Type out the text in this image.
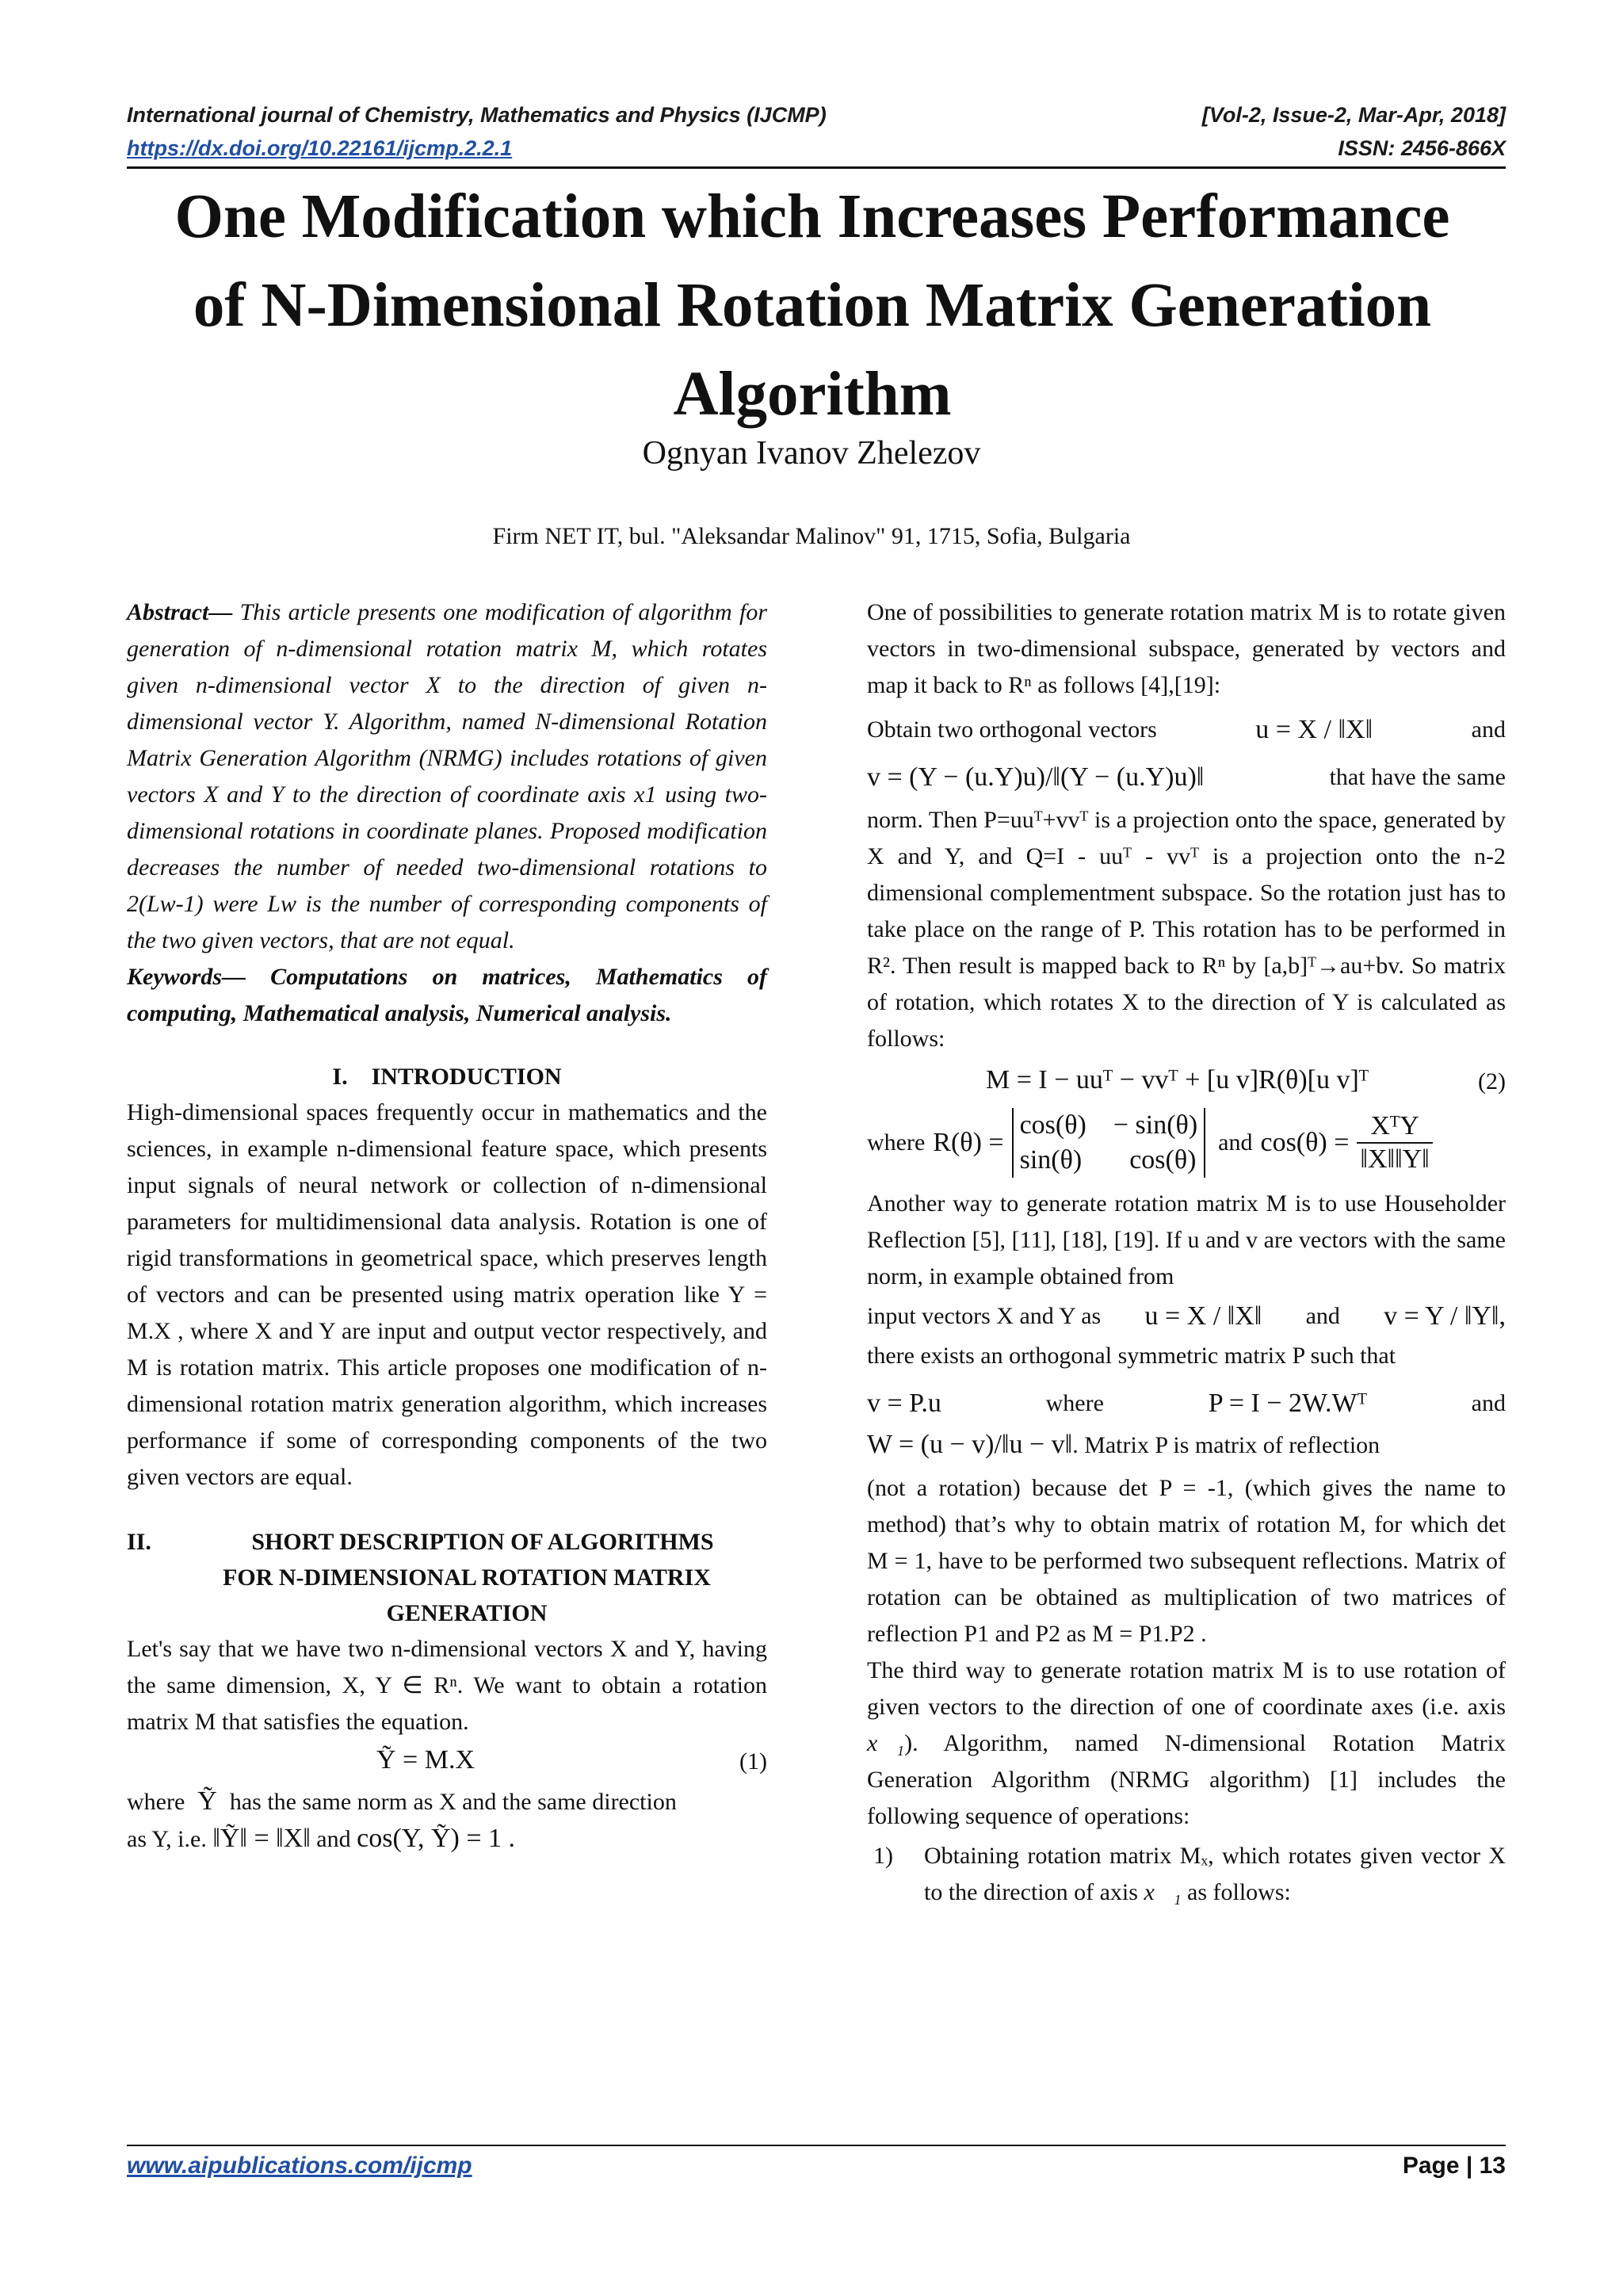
International journal of Chemistry, Mathematics and Physics (IJCMP)	[Vol-2, Issue-2, Mar-Apr, 2018]
https://dx.doi.org/10.22161/ijcmp.2.2.1	ISSN: 2456-866X
One Modification which Increases Performance
of N-Dimensional Rotation Matrix Generation
Algorithm
Ognyan Ivanov Zhelezov
Firm NET IT, bul. "Aleksandar Malinov" 91, 1715, Sofia, Bulgaria

Abstract— This article presents one modification of algorithm for generation of n-dimensional rotation matrix M, which rotates given n-dimensional vector X to the direction of given n-dimensional vector Y. Algorithm, named N-dimensional Rotation Matrix Generation Algorithm (NRMG) includes rotations of given vectors X and Y to the direction of coordinate axis x1 using two-dimensional rotations in coordinate planes. Proposed modification decreases the number of needed two-dimensional rotations to 2(Lw-1) were Lw is the number of corresponding components of the two given vectors, that are not equal.

Keywords— Computations on matrices, Mathematics of computing, Mathematical analysis, Numerical analysis.

I.    INTRODUCTION

High-dimensional spaces frequently occur in mathematics and the sciences, in example n-dimensional feature space, which presents input signals of neural network or collection of n-dimensional parameters for multidimensional data analysis. Rotation is one of rigid transformations in geometrical space, which preserves length of vectors and can be presented using matrix operation like Y = M.X , where X and Y are input and output vector respectively, and M is rotation matrix. This article proposes one modification of n-dimensional rotation matrix generation algorithm, which increases performance if some of corresponding components of the two given vectors are equal.

II.	SHORT DESCRIPTION OF ALGORITHMS
FOR N-DIMENSIONAL ROTATION MATRIX
GENERATION

Let's say that we have two n-dimensional vectors X and Y, having the same dimension, X, Y ∈ Rⁿ. We want to obtain a rotation matrix M that satisfies the equation.

Ỹ = M.X	(1)

where  Ỹ  has the same norm as X and the same direction
as Y, i.e. ‖Ỹ‖ = ‖X‖ and cos(Y, Ỹ) = 1 .

One of possibilities to generate rotation matrix M is to rotate given vectors in two-dimensional subspace, generated by vectors and map it back to Rⁿ as follows [4],[19]:

Obtain two orthogonal vectors	u = X / ‖X‖	and

v = (Y − (u.Y)u)/‖(Y − (u.Y)u)‖	that have the same

norm. Then P=uuᵀ+vvᵀ is a projection onto the space, generated by X and Y, and Q=I - uuᵀ - vvᵀ is a projection onto the n-2 dimensional complementment subspace. So the rotation just has to take place on the range of P. This rotation has to be performed in R². Then result is mapped back to Rⁿ by [a,b]ᵀ→au+bv. So matrix of rotation, which rotates X to the direction of Y is calculated as follows:

M = I − uuᵀ − vvᵀ + [u v]R(θ)[u v]ᵀ	(2)
where R(θ) =
cos(θ) − sin(θ)
sin(θ) cos(θ)
and $\cos(\theta) = \frac{\text{XᵀY}}{‖X‖‖Y‖}$

Another way to generate rotation matrix M is to use Householder Reflection [5], [11], [18], [19]. If u and v are vectors with the same norm, in example obtained from

input vectors X and Y as u = X / ‖X‖ and v = Y / ‖Y‖,

there exists an orthogonal symmetric matrix P such that

v = P.u	where	P = I − 2W.Wᵀ	and

W = (u − v)/‖u − v‖. Matrix P is matrix of reflection

(not a rotation) because det P = -1, (which gives the name to method) that’s why to obtain matrix of rotation M, for which det M = 1, have to be performed two subsequent reflections. Matrix of rotation can be obtained as multiplication of two matrices of reflection P1 and P2 as M = P1.P2 .

The third way to generate rotation matrix M is to use rotation of given vectors to the direction of one of coordinate axes (i.e. axis x⃗₁). Algorithm, named N-dimensional Rotation Matrix Generation Algorithm (NRMG algorithm) [1] includes the following sequence of operations:

1) Obtaining rotation matrix Mₓ, which rotates given vector X to the direction of axis x⃗₁ as follows:
www.aipublications.com/ijcmp	Page | 13
